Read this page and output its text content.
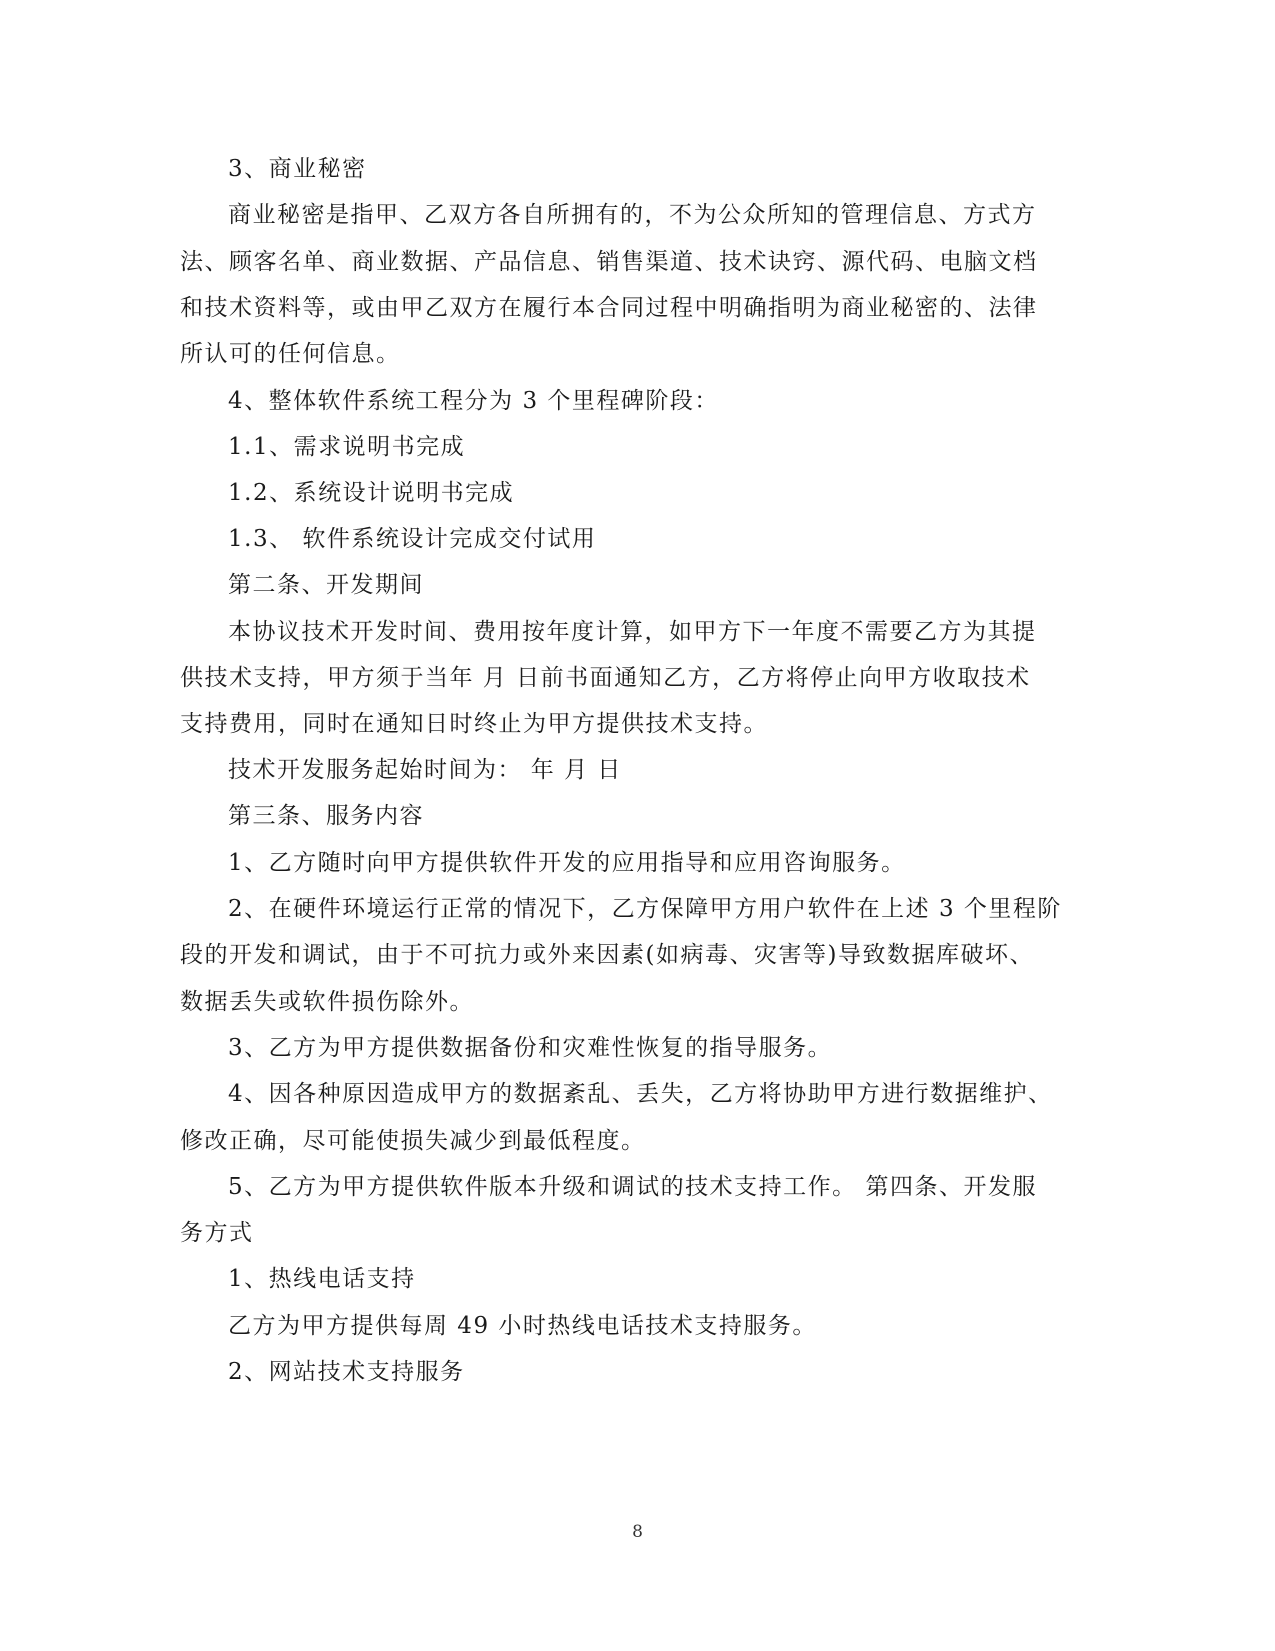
3、商业秘密
商业秘密是指甲、乙双方各自所拥有的，不为公众所知的管理信息、方式方
法、顾客名单、商业数据、产品信息、销售渠道、技术诀窍、源代码、电脑文档
和技术资料等，或由甲乙双方在履行本合同过程中明确指明为商业秘密的、法律
所认可的任何信息。
4、整体软件系统工程分为 3 个里程碑阶段：
1.1、需求说明书完成
1.2、系统设计说明书完成
1.3、 软件系统设计完成交付试用
第二条、开发期间
本协议技术开发时间、费用按年度计算，如甲方下一年度不需要乙方为其提
供技术支持，甲方须于当年 月 日前书面通知乙方，乙方将停止向甲方收取技术
支持费用，同时在通知日时终止为甲方提供技术支持。
技术开发服务起始时间为： 年 月 日
第三条、服务内容
1、乙方随时向甲方提供软件开发的应用指导和应用咨询服务。
2、在硬件环境运行正常的情况下，乙方保障甲方用户软件在上述 3 个里程阶
段的开发和调试，由于不可抗力或外来因素(如病毒、灾害等)导致数据库破坏、
数据丢失或软件损伤除外。
3、乙方为甲方提供数据备份和灾难性恢复的指导服务。
4、因各种原因造成甲方的数据紊乱、丢失，乙方将协助甲方进行数据维护、
修改正确，尽可能使损失减少到最低程度。
5、乙方为甲方提供软件版本升级和调试的技术支持工作。 第四条、开发服
务方式
1、热线电话支持
乙方为甲方提供每周 49 小时热线电话技术支持服务。
2、网站技术支持服务
8
